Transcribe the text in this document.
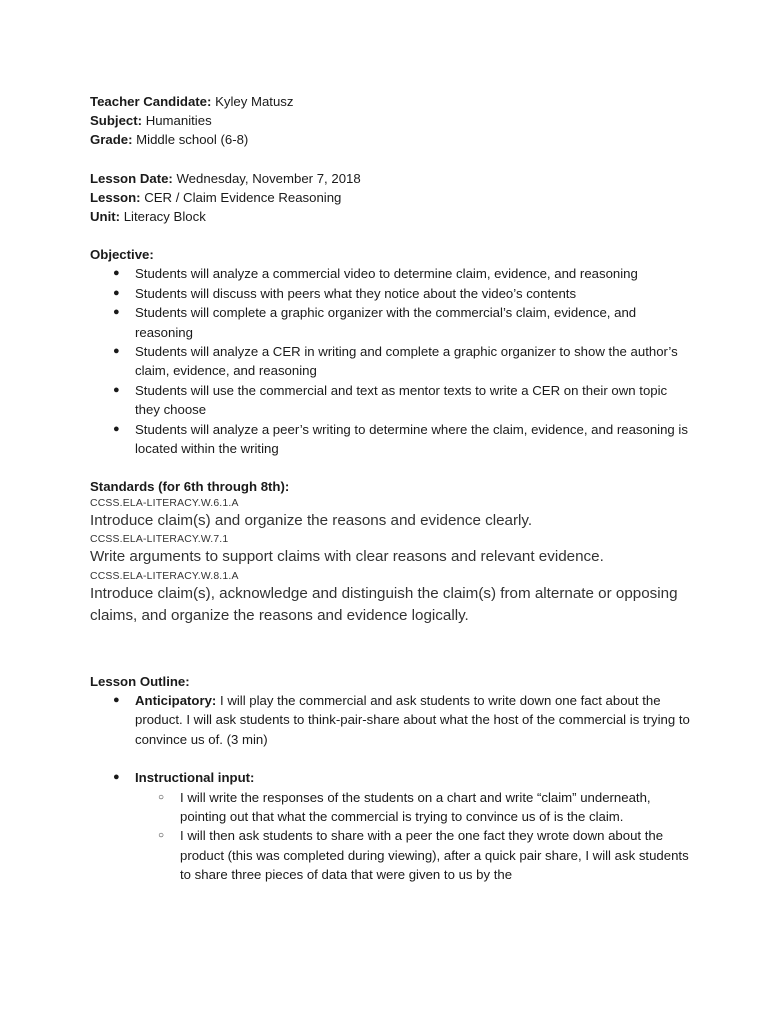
Teacher Candidate: Kyley Matusz
Subject: Humanities
Grade: Middle school (6-8)
Lesson Date: Wednesday, November 7, 2018
Lesson: CER / Claim Evidence Reasoning
Unit: Literacy Block
Objective:
● Students will analyze a commercial video to determine claim, evidence, and reasoning
● Students will discuss with peers what they notice about the video’s contents
● Students will complete a graphic organizer with the commercial’s claim, evidence, and reasoning
● Students will analyze a CER in writing and complete a graphic organizer to show the author’s claim, evidence, and reasoning
● Students will use the commercial and text as mentor texts to write a CER on their own topic they choose
● Students will analyze a peer’s writing to determine where the claim, evidence, and reasoning is located within the writing
Standards (for 6th through 8th):
CCSS.ELA-LITERACY.W.6.1.A
Introduce claim(s) and organize the reasons and evidence clearly.
CCSS.ELA-LITERACY.W.7.1
Write arguments to support claims with clear reasons and relevant evidence.
CCSS.ELA-LITERACY.W.8.1.A
Introduce claim(s), acknowledge and distinguish the claim(s) from alternate or opposing claims, and organize the reasons and evidence logically.
Lesson Outline:
● Anticipatory: I will play the commercial and ask students to write down one fact about the product. I will ask students to think-pair-share about what the host of the commercial is trying to convince us of. (3 min)
● Instructional input:
○ I will write the responses of the students on a chart and write “claim” underneath, pointing out that what the commercial is trying to convince us of is the claim.
○ I will then ask students to share with a peer the one fact they wrote down about the product (this was completed during viewing), after a quick pair share, I will ask students to share three pieces of data that were given to us by the
